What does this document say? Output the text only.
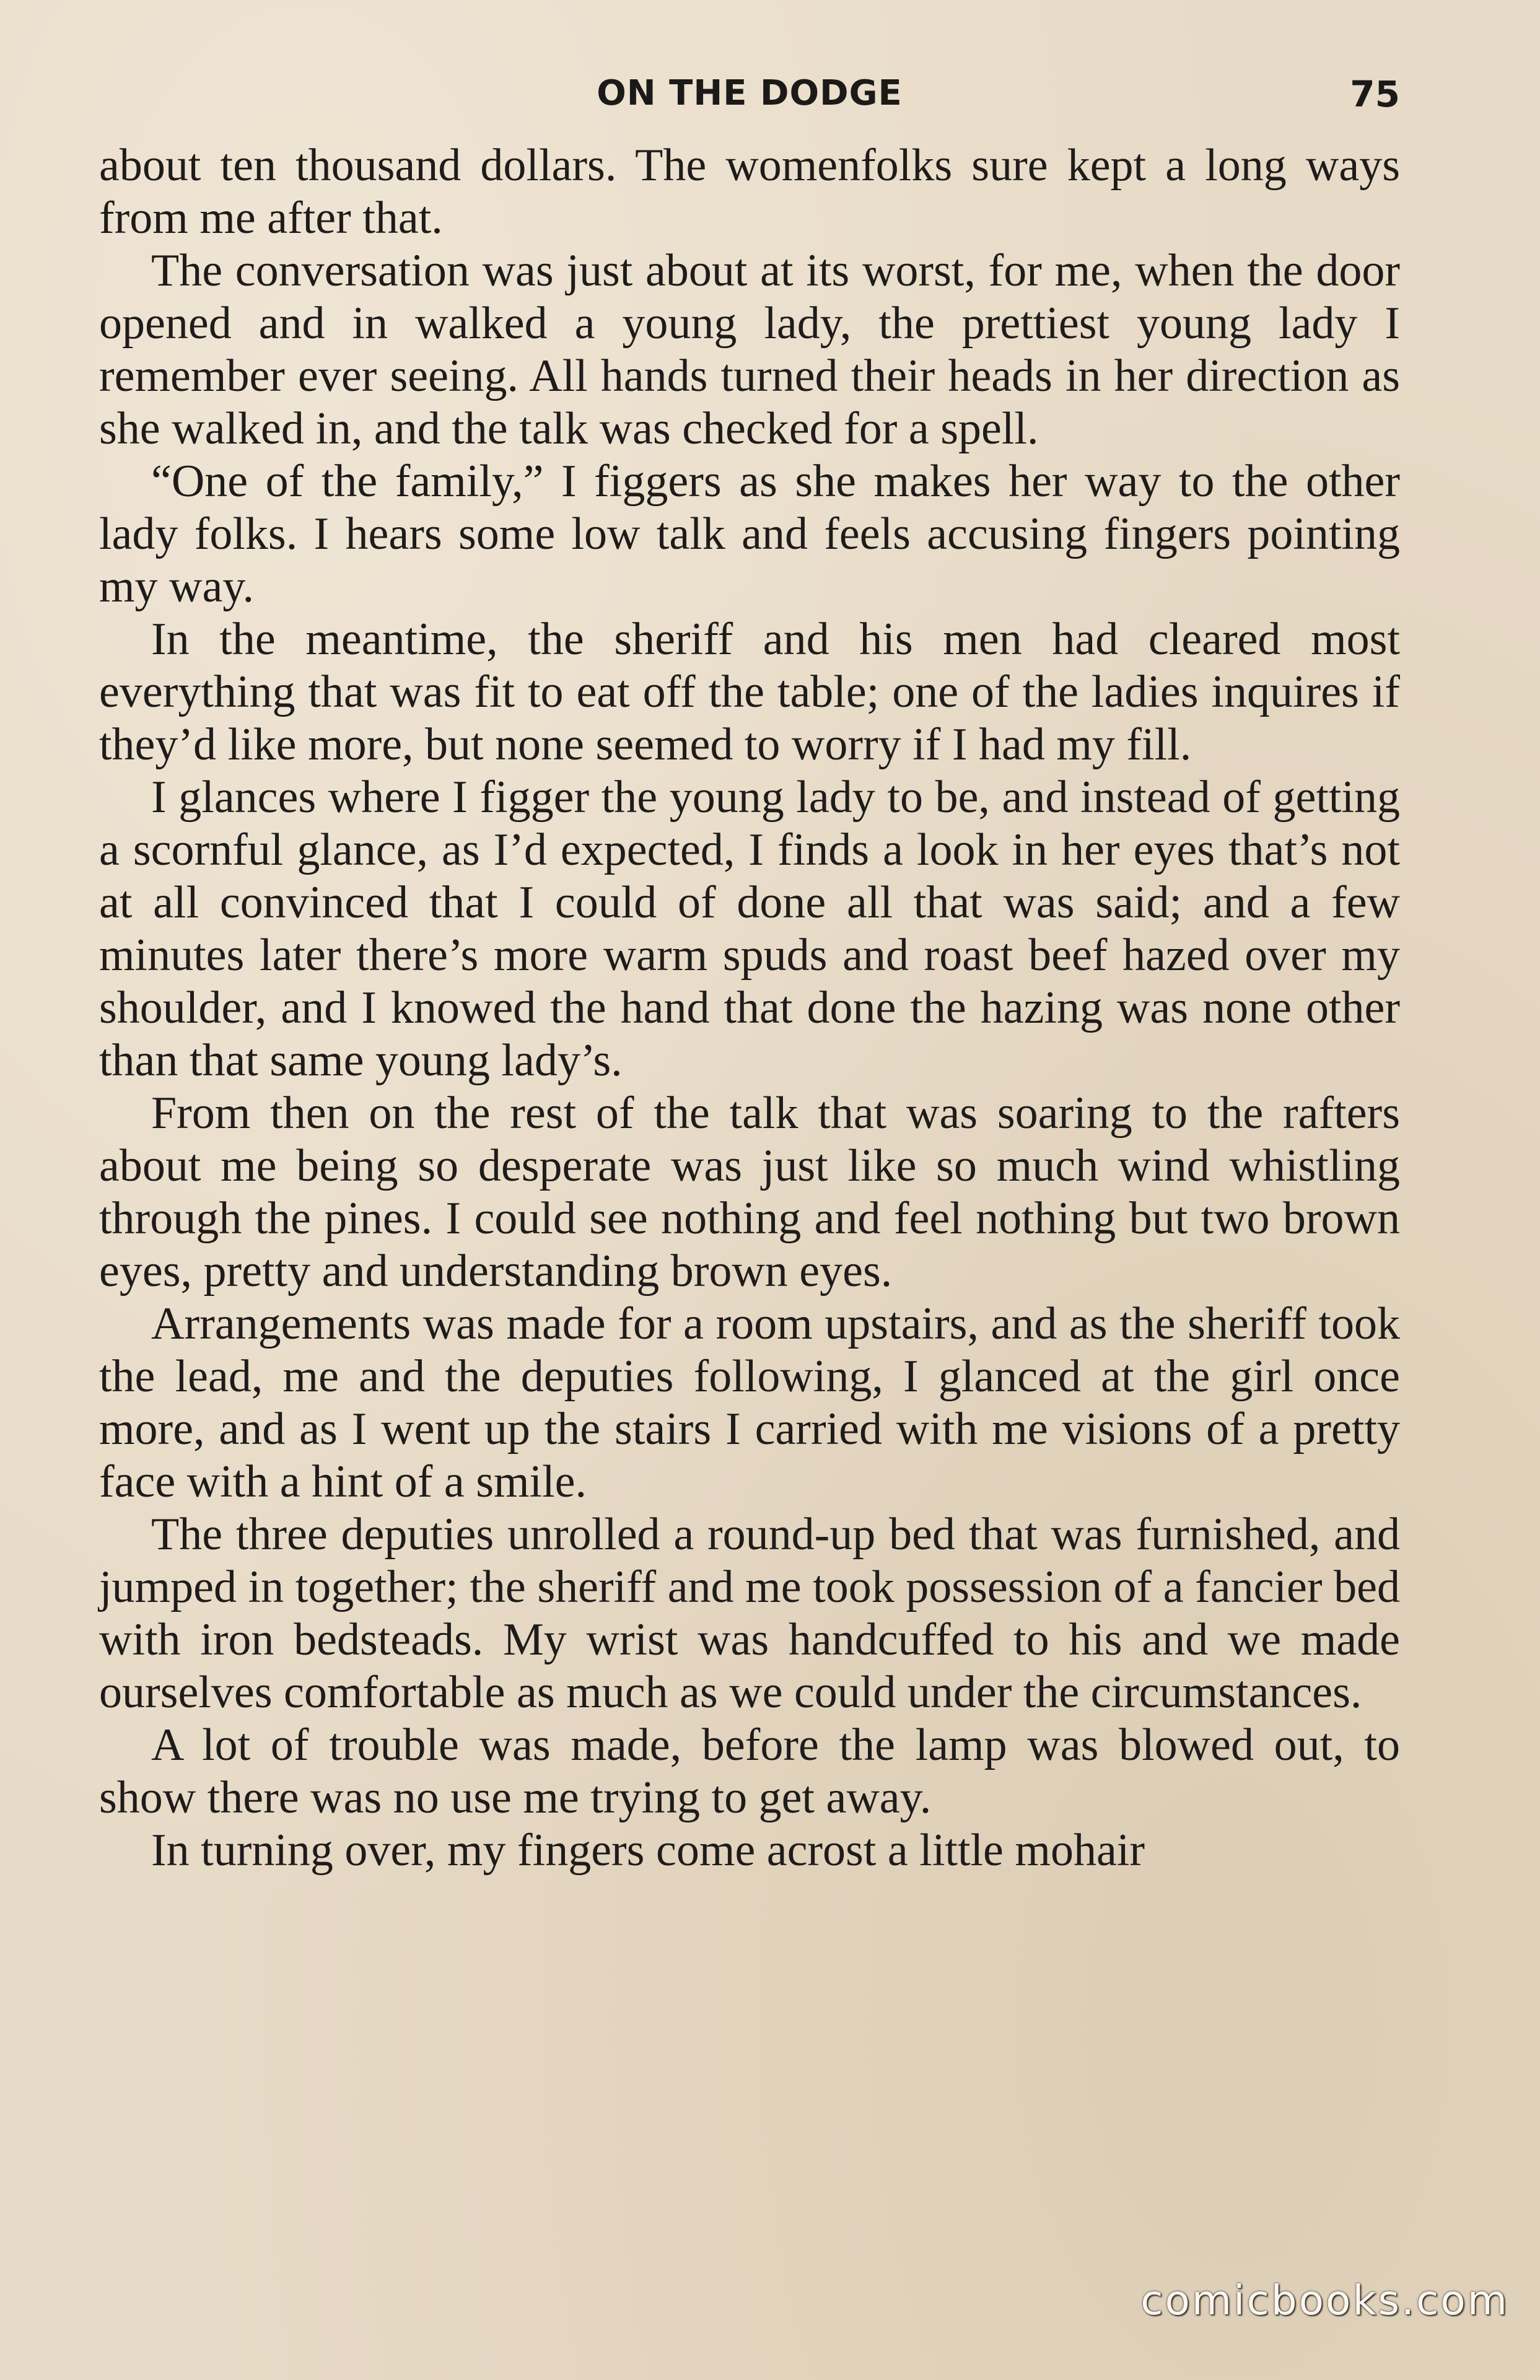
ON THE DODGE	75

about ten thousand dollars. The womenfolks sure kept a long ways from me after that.

The conversation was just about at its worst, for me, when the door opened and in walked a young lady, the prettiest young lady I remember ever seeing. All hands turned their heads in her direction as she walked in, and the talk was checked for a spell.

“One of the family,” I figgers as she makes her way to the other lady folks. I hears some low talk and feels accusing fingers pointing my way.

In the meantime, the sheriff and his men had cleared most everything that was fit to eat off the table; one of the ladies inquires if they’d like more, but none seemed to worry if I had my fill.

I glances where I figger the young lady to be, and instead of getting a scornful glance, as I’d expected, I finds a look in her eyes that’s not at all convinced that I could of done all that was said; and a few minutes later there’s more warm spuds and roast beef hazed over my shoulder, and I knowed the hand that done the hazing was none other than that same young lady’s.

From then on the rest of the talk that was soaring to the rafters about me being so desperate was just like so much wind whistling through the pines. I could see nothing and feel nothing but two brown eyes, pretty and understanding brown eyes.

Arrangements was made for a room upstairs, and as the sheriff took the lead, me and the deputies following, I glanced at the girl once more, and as I went up the stairs I carried with me visions of a pretty face with a hint of a smile.

The three deputies unrolled a round-up bed that was furnished, and jumped in together; the sheriff and me took possession of a fancier bed with iron bedsteads. My wrist was handcuffed to his and we made ourselves comfortable as much as we could under the circumstances.

A lot of trouble was made, before the lamp was blowed out, to show there was no use me trying to get away.

In turning over, my fingers come acrost a little mohair

comicbooks.com
